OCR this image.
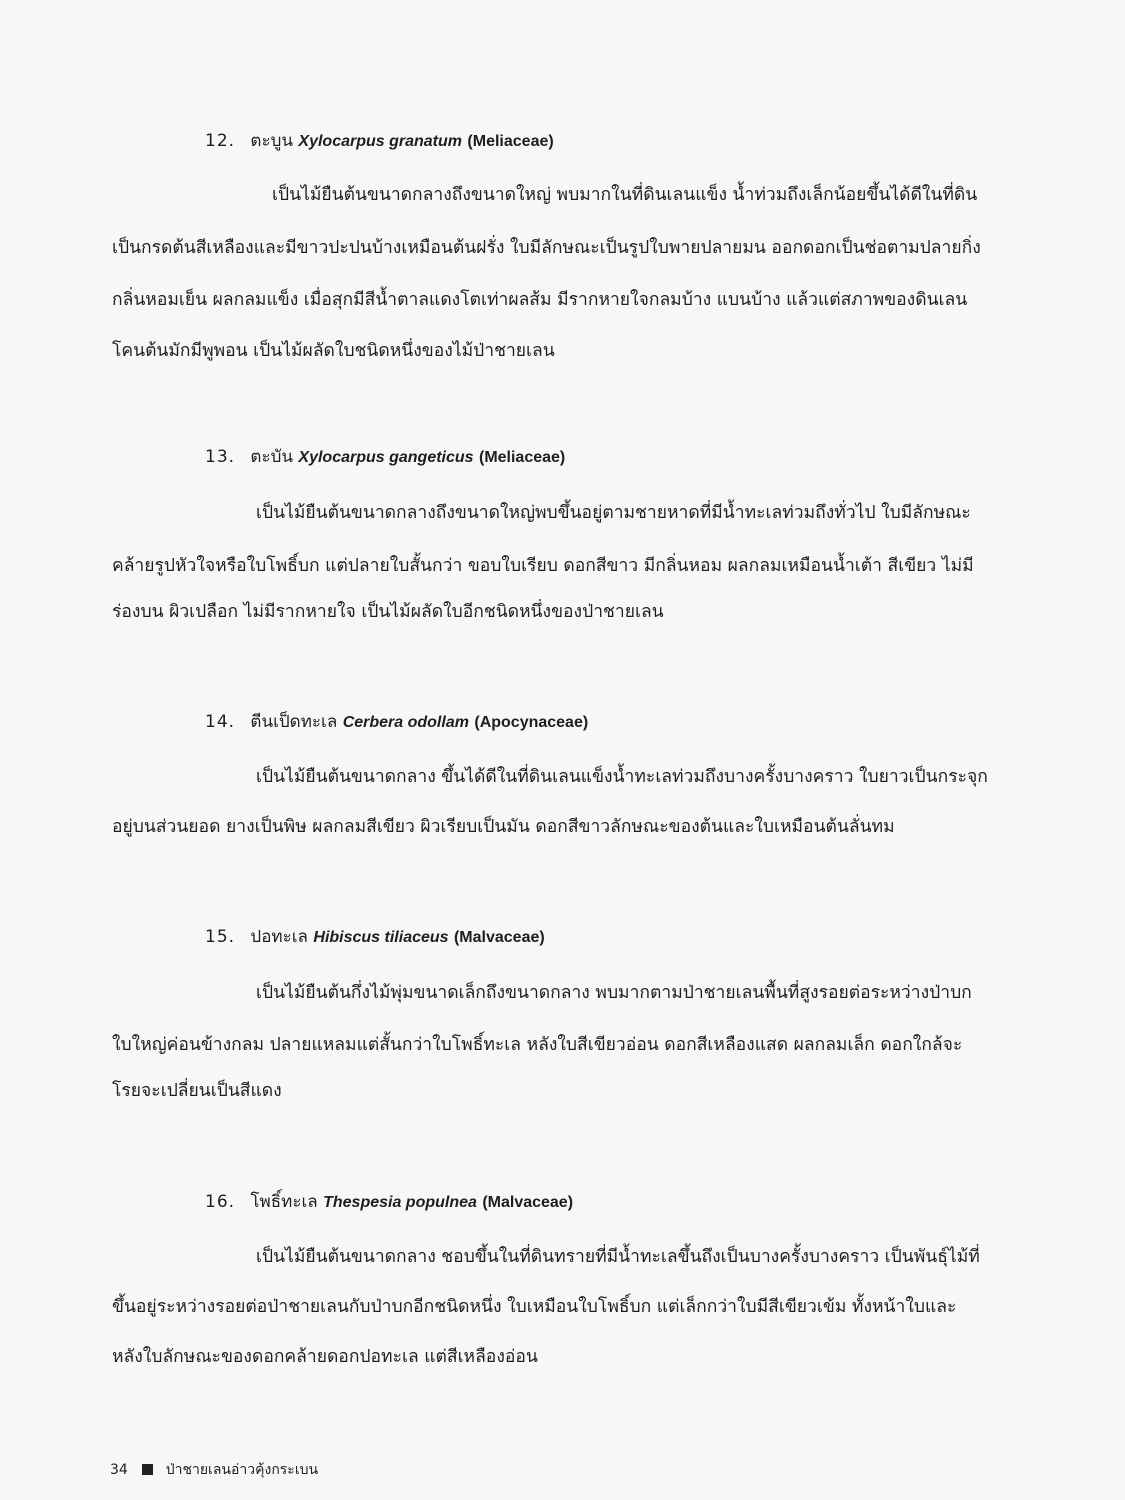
12. ตะบูน Xylocarpus granatum (Meliaceae)
เป็นไม้ยืนต้นขนาดกลางถึงขนาดใหญ่ พบมากในที่ดินเลนแข็ง น้ำท่วมถึงเล็กน้อยขึ้นได้ดีในที่ดิน
เป็นกรดต้นสีเหลืองและมีขาวปะปนบ้างเหมือนต้นฝรั่ง ใบมีลักษณะเป็นรูปใบพายปลายมน ออกดอกเป็นช่อตามปลายกิ่ง
กลิ่นหอมเย็น ผลกลมแข็ง เมื่อสุกมีสีน้ำตาลแดงโตเท่าผลส้ม มีรากหายใจกลมบ้าง แบนบ้าง แล้วแต่สภาพของดินเลน
โคนต้นมักมีพูพอน เป็นไม้ผลัดใบชนิดหนึ่งของไม้ป่าชายเลน
13. ตะบัน Xylocarpus gangeticus (Meliaceae)
เป็นไม้ยืนต้นขนาดกลางถึงขนาดใหญ่พบขึ้นอยู่ตามชายหาดที่มีน้ำทะเลท่วมถึงทั่วไป ใบมีลักษณะ
คล้ายรูปหัวใจหรือใบโพธิ์บก แต่ปลายใบสั้นกว่า ขอบใบเรียบ ดอกสีขาว มีกลิ่นหอม ผลกลมเหมือนน้ำเต้า สีเขียว ไม่มี
ร่องบน ผิวเปลือก ไม่มีรากหายใจ เป็นไม้ผลัดใบอีกชนิดหนึ่งของป่าชายเลน
14. ตีนเป็ดทะเล Cerbera odollam (Apocynaceae)
เป็นไม้ยืนต้นขนาดกลาง ขึ้นได้ดีในที่ดินเลนแข็งน้ำทะเลท่วมถึงบางครั้งบางคราว ใบยาวเป็นกระจุก
อยู่บนส่วนยอด ยางเป็นพิษ ผลกลมสีเขียว ผิวเรียบเป็นมัน ดอกสีขาวลักษณะของต้นและใบเหมือนต้นลั่นทม
15. ปอทะเล Hibiscus tiliaceus (Malvaceae)
เป็นไม้ยืนต้นกึ่งไม้พุ่มขนาดเล็กถึงขนาดกลาง พบมากตามป่าชายเลนพื้นที่สูงรอยต่อระหว่างป่าบก
ใบใหญ่ค่อนข้างกลม ปลายแหลมแต่สั้นกว่าใบโพธิ์ทะเล หลังใบสีเขียวอ่อน ดอกสีเหลืองแสด ผลกลมเล็ก ดอกใกล้จะ
โรยจะเปลี่ยนเป็นสีแดง
16. โพธิ์ทะเล Thespesia populnea (Malvaceae)
เป็นไม้ยืนต้นขนาดกลาง ชอบขึ้นในที่ดินทรายที่มีน้ำทะเลขึ้นถึงเป็นบางครั้งบางคราว เป็นพันธุ์ไม้ที่
ขึ้นอยู่ระหว่างรอยต่อป่าชายเลนกับป่าบกอีกชนิดหนึ่ง ใบเหมือนใบโพธิ์บก แต่เล็กกว่าใบมีสีเขียวเข้ม ทั้งหน้าใบและ
หลังใบลักษณะของดอกคล้ายดอกปอทะเล แต่สีเหลืองอ่อน
34	ป่าชายเลนอ่าวคุ้งกระเบน
